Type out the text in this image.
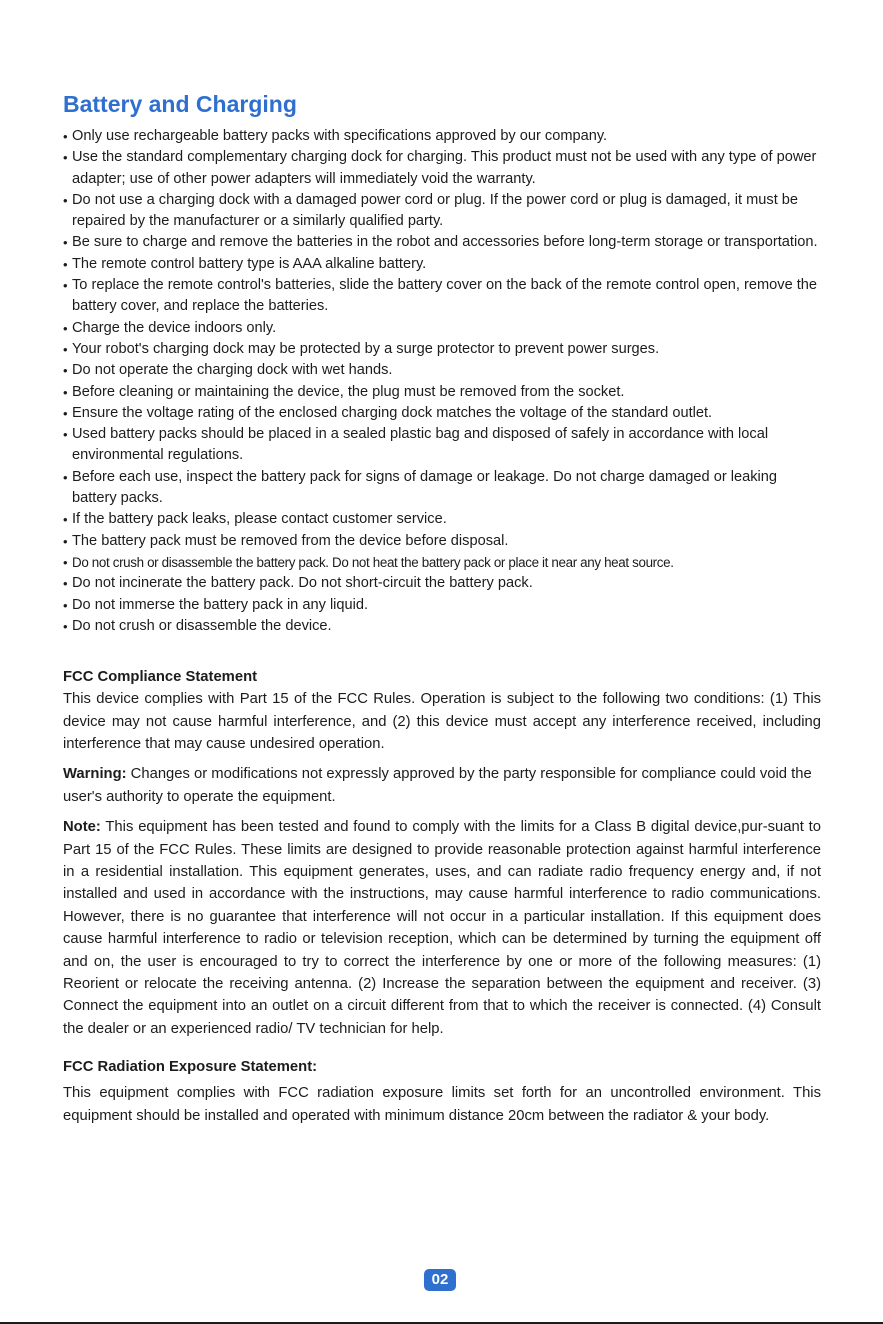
Battery and Charging
• Only use rechargeable battery packs with specifications approved by our company.
• Use the standard complementary charging dock for charging. This product must not be used with any type of power adapter; use of other power adapters will immediately void the warranty.
• Do not use a charging dock with a damaged power cord or plug. If the power cord or plug is damaged, it must be repaired by the manufacturer or a similarly qualified party.
• Be sure to charge and remove the batteries in the robot and accessories before long-term storage or transportation.
• The remote control battery type is AAA alkaline battery.
• To replace the remote control's batteries, slide the battery cover on the back of the remote control open, remove the battery cover, and replace the batteries.
• Charge the device indoors only.
• Your robot's charging dock may be protected by a surge protector to prevent power surges.
• Do not operate the charging dock with wet hands.
• Before cleaning or maintaining the device, the plug must be removed from the socket.
• Ensure the voltage rating of the enclosed charging dock matches the voltage of the standard outlet.
• Used battery packs should be placed in a sealed plastic bag and disposed of safely in accordance with local environmental regulations.
• Before each use, inspect the battery pack for signs of damage or leakage. Do not charge damaged or leaking battery packs.
• If the battery pack leaks, please contact customer service.
• The battery pack must be removed from the device before disposal.
• Do not crush or disassemble the battery pack. Do not heat the battery pack or place it near any heat source.
• Do not incinerate the battery pack. Do not short-circuit the battery pack.
• Do not immerse the battery pack in any liquid.
• Do not crush or disassemble the device.
FCC Compliance Statement

This device complies with Part 15 of the FCC Rules. Operation is subject to the following two conditions: (1) This device may not cause harmful interference, and (2) this device must accept any interference received, including interference that may cause undesired operation.

Warning: Changes or modifications not expressly approved by the party responsible for compliance could void the user's authority to operate the equipment.

Note: This equipment has been tested and found to comply with the limits for a Class B digital device,pur-suant to Part 15 of the FCC Rules. These limits are designed to provide reasonable protection against harmful interference in a residential installation. This equipment generates, uses, and can radiate radio frequency energy and, if not installed and used in accordance with the instructions, may cause harmful interference to radio communications. However, there is no guarantee that interference will not occur in a particular installation. If this equipment does cause harmful interference to radio or television reception, which can be determined by turning the equipment off and on, the user is encouraged to try to correct the interference by one or more of the following measures: (1) Reorient or relocate the receiving antenna. (2) Increase the separation between the equipment and receiver. (3) Connect the equipment into an outlet on a circuit different from that to which the receiver is connected. (4) Consult the dealer or an experienced radio/ TV technician for help.

FCC Radiation Exposure Statement:

This equipment complies with FCC radiation exposure limits set forth for an uncontrolled environment. This equipment should be installed and operated with minimum distance 20cm between the radiator & your body.

02
